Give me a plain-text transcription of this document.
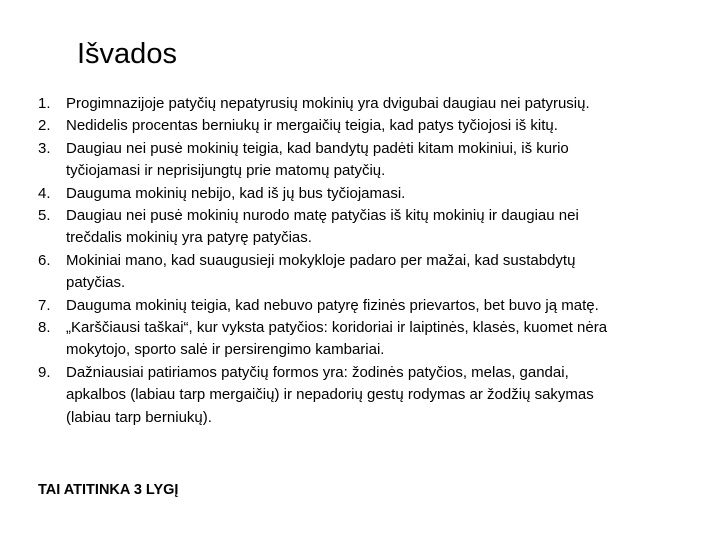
Išvados
1.	Progimnazijoje patyčių nepatyrusių mokinių yra dvigubai daugiau nei patyrusių.
2.	Nedidelis procentas berniukų ir mergaičių teigia, kad patys tyčiojosi iš kitų.
3.	Daugiau nei pusė mokinių teigia, kad bandytų padėti kitam mokiniui, iš kurio
tyčiojamasi ir neprisijungtų prie matomų patyčių.
4.	Dauguma mokinių nebijo, kad iš jų bus tyčiojamasi.
5.	Daugiau nei pusė mokinių nurodo matę patyčias iš kitų mokinių ir daugiau nei
trečdalis mokinių yra patyrę patyčias.
6.	Mokiniai mano, kad suaugusieji mokykloje padaro per mažai, kad sustabdytų
patyčias.
7.	Dauguma mokinių teigia, kad nebuvo patyrę fizinės prievartos, bet buvo ją matę.
8.	„Karščiausi taškai“, kur vyksta patyčios: koridoriai ir laiptinės, klasės, kuomet nėra
mokytojo, sporto salė ir persirengimo kambariai.
9.	Dažniausiai patiriamos patyčių formos yra: žodinės patyčios, melas, gandai,
apkalbos (labiau tarp mergaičių) ir nepadorių gestų rodymas ar žodžių sakymas
(labiau tarp berniukų).
TAI ATITINKA 3 LYGĮ
